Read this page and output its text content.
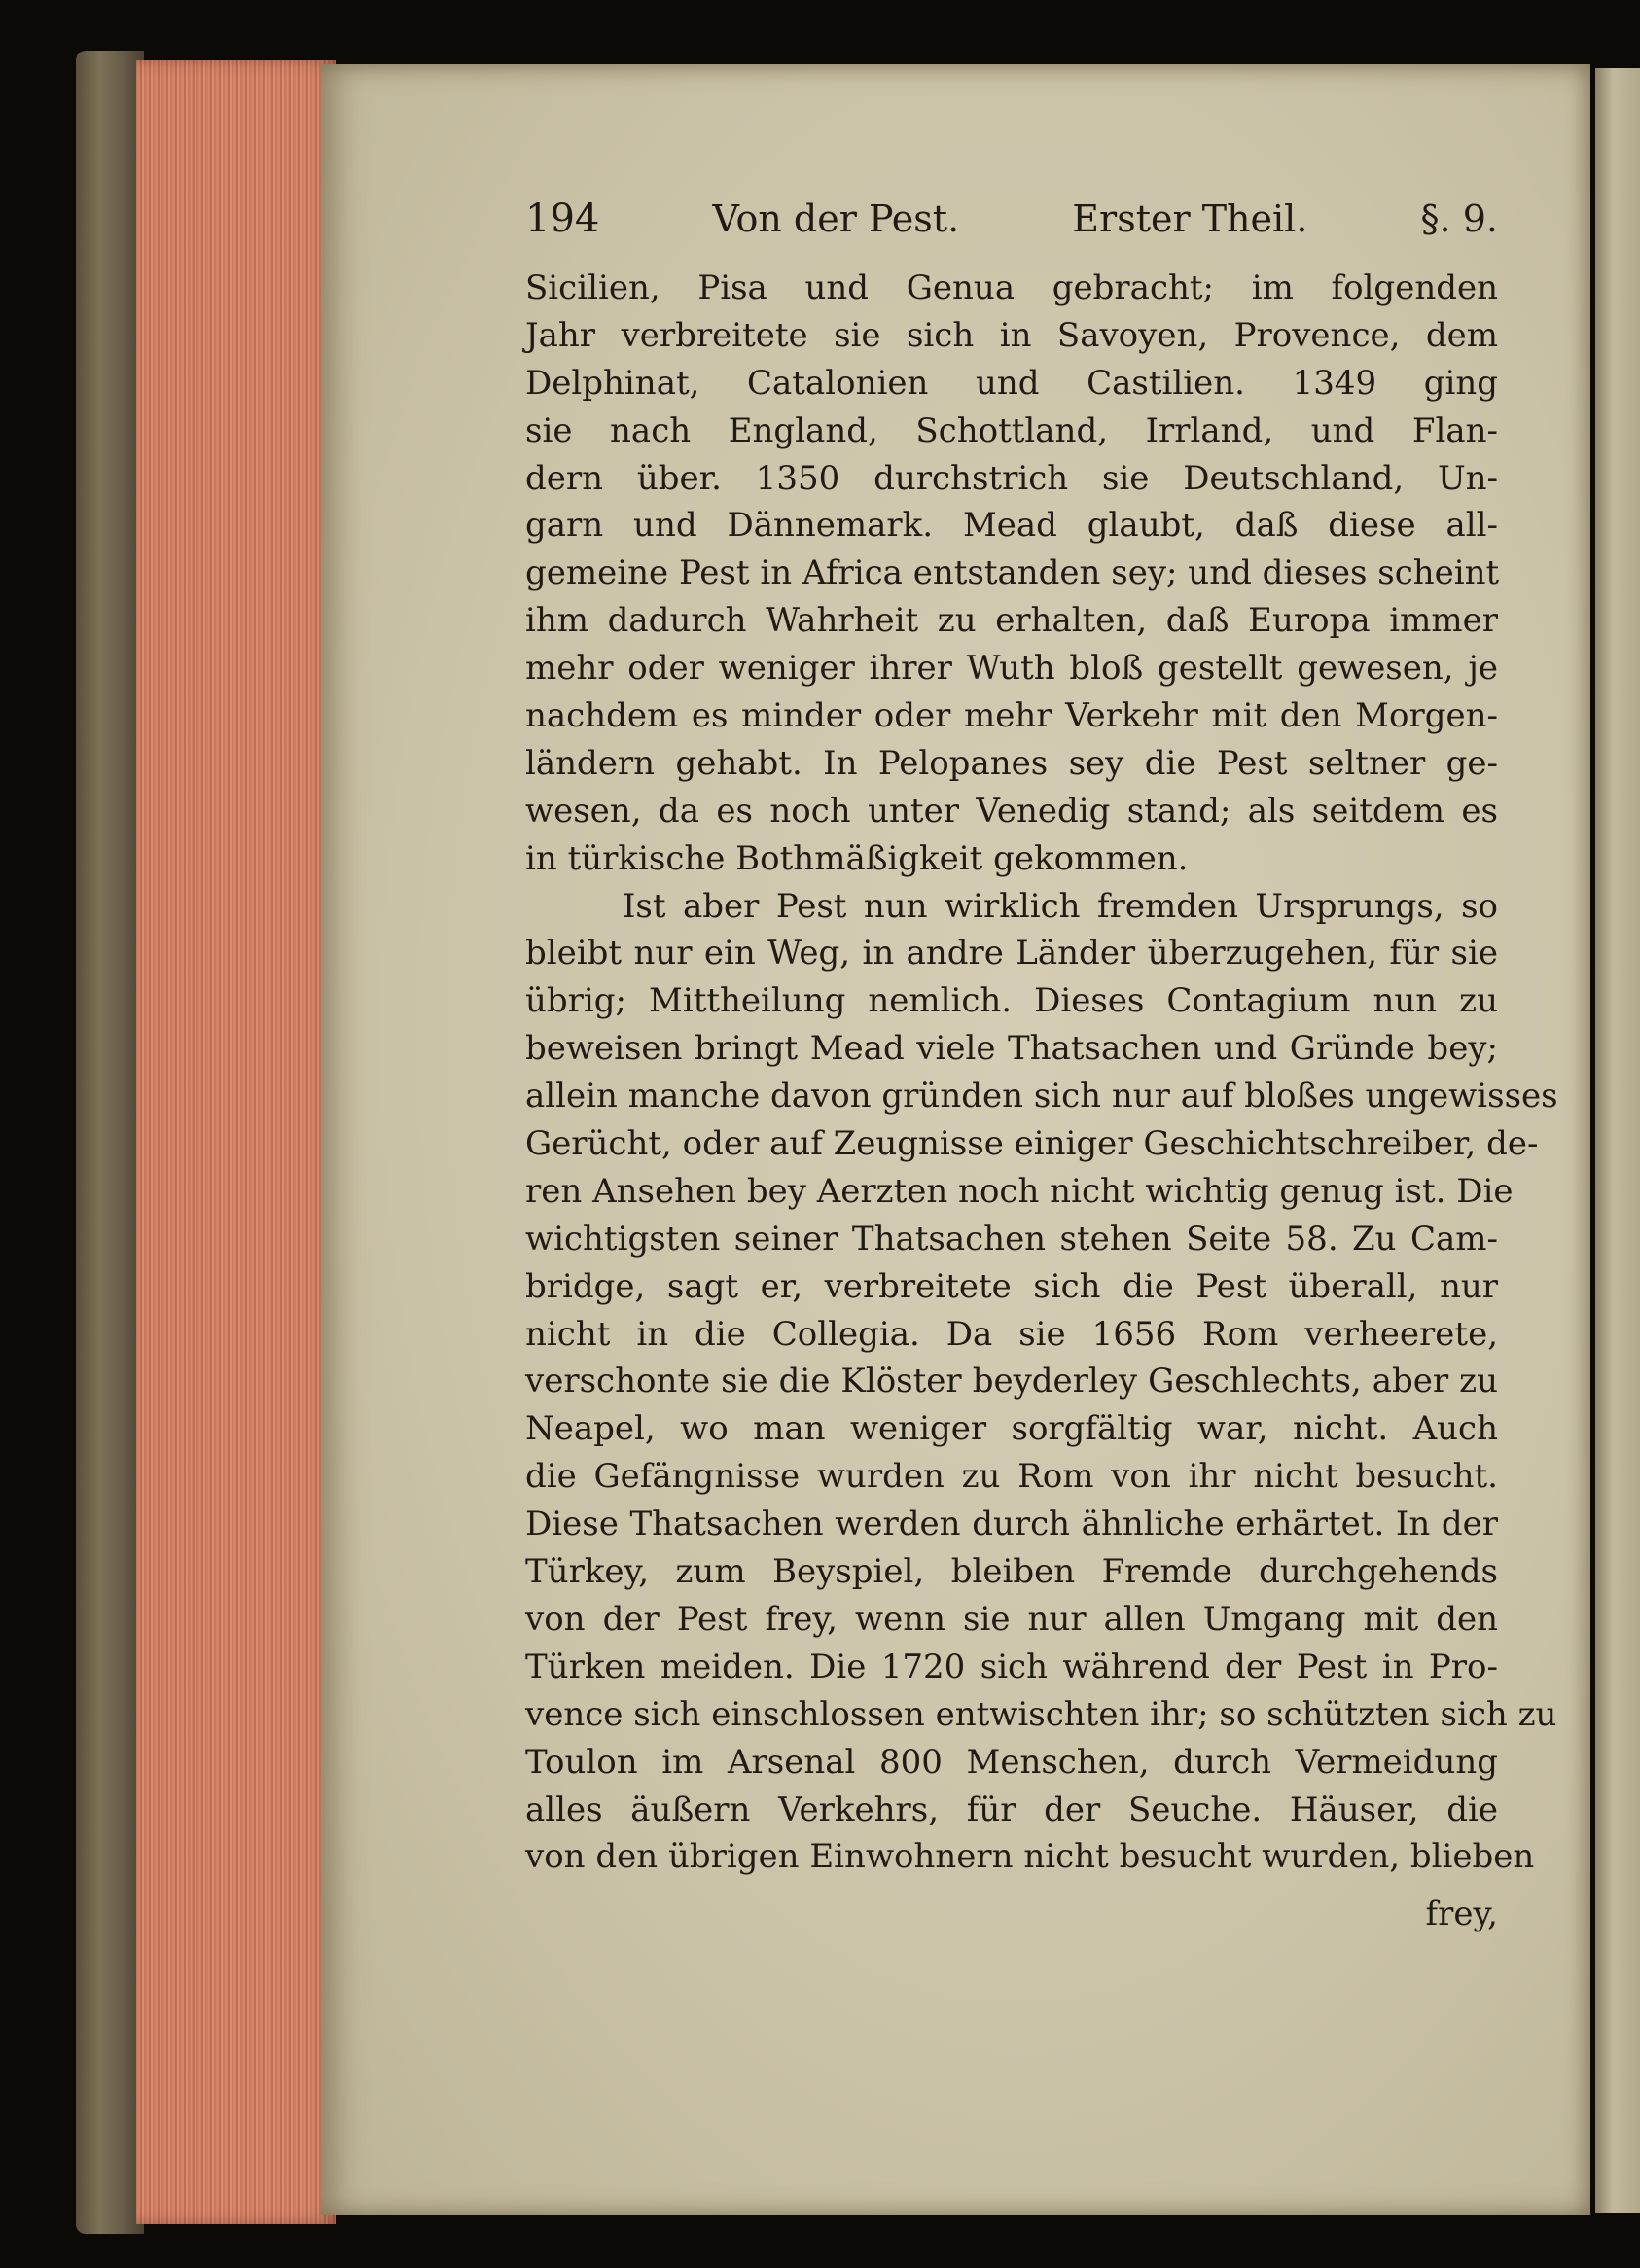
194	Von der Pest.	Erster Theil.	§. 9.
Sicilien, Pisa und Genua gebracht; im folgenden
Jahr verbreitete sie sich in Savoyen, Provence, dem
Delphinat, Catalonien und Castilien. 1349 ging
sie nach England, Schottland, Irrland, und Flan-
dern über. 1350 durchstrich sie Deutschland, Un-
garn und Dännemark. Mead glaubt, daß diese all-
gemeine Pest in Africa entstanden sey; und dieses scheint
ihm dadurch Wahrheit zu erhalten, daß Europa immer
mehr oder weniger ihrer Wuth bloß gestellt gewesen, je
nachdem es minder oder mehr Verkehr mit den Morgen-
ländern gehabt. In Pelopanes sey die Pest seltner ge-
wesen, da es noch unter Venedig stand; als seitdem es
in türkische Bothmäßigkeit gekommen.
Ist aber Pest nun wirklich fremden Ursprungs, so
bleibt nur ein Weg, in andre Länder überzugehen, für sie
übrig; Mittheilung nemlich. Dieses Contagium nun zu
beweisen bringt Mead viele Thatsachen und Gründe bey;
allein manche davon gründen sich nur auf bloßes ungewisses
Gerücht, oder auf Zeugnisse einiger Geschichtschreiber, de-
ren Ansehen bey Aerzten noch nicht wichtig genug ist. Die
wichtigsten seiner Thatsachen stehen Seite 58. Zu Cam-
bridge, sagt er, verbreitete sich die Pest überall, nur
nicht in die Collegia. Da sie 1656 Rom verheerete,
verschonte sie die Klöster beyderley Geschlechts, aber zu
Neapel, wo man weniger sorgfältig war, nicht. Auch
die Gefängnisse wurden zu Rom von ihr nicht besucht.
Diese Thatsachen werden durch ähnliche erhärtet. In der
Türkey, zum Beyspiel, bleiben Fremde durchgehends
von der Pest frey, wenn sie nur allen Umgang mit den
Türken meiden. Die 1720 sich während der Pest in Pro-
vence sich einschlossen entwischten ihr; so schützten sich zu
Toulon im Arsenal 800 Menschen, durch Vermeidung
alles äußern Verkehrs, für der Seuche. Häuser, die
von den übrigen Einwohnern nicht besucht wurden, blieben
frey,
